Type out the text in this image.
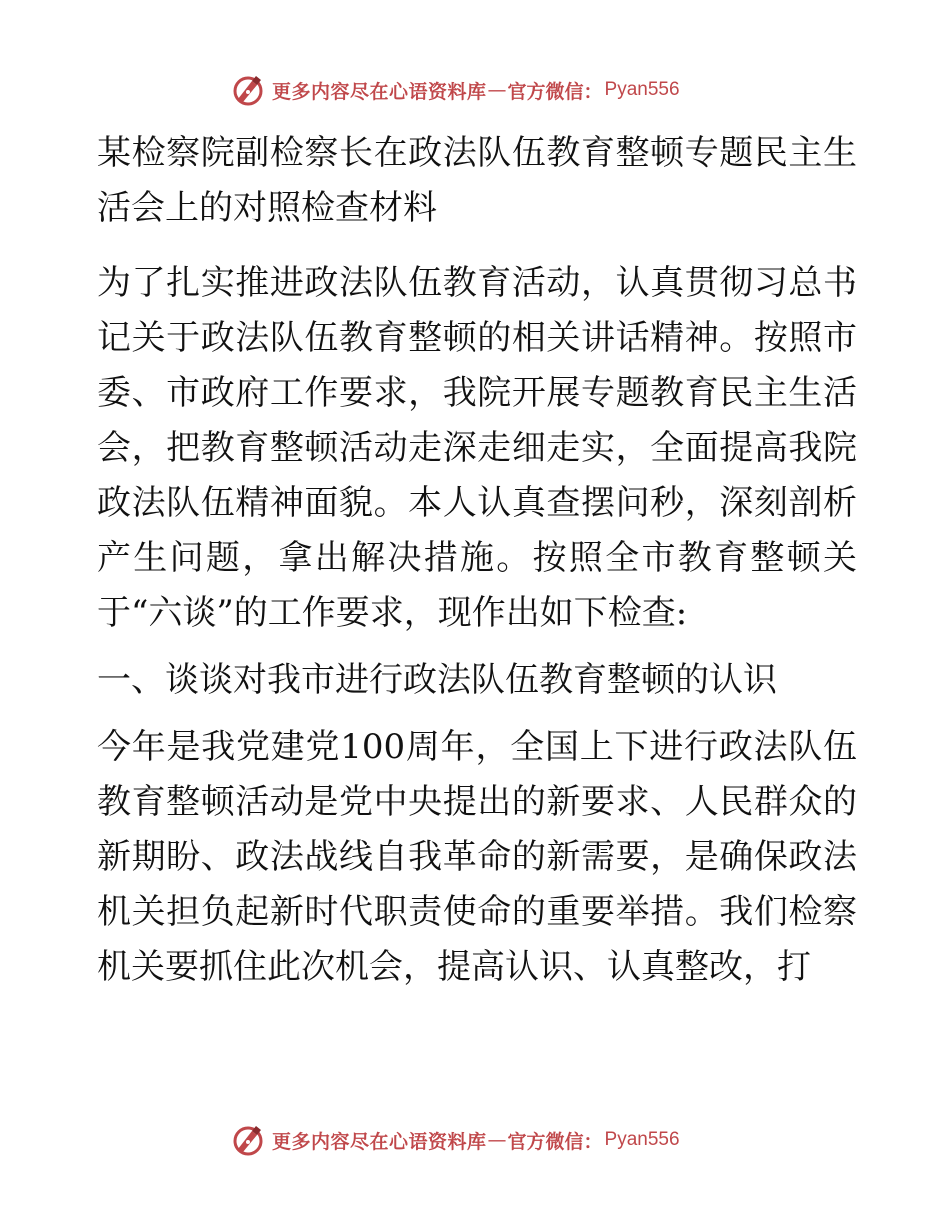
更多内容尽在心语资料库 — 官方微信： Pyan556

某检察院副检察长在政法队伍教育整顿专题民主生活会上的对照检查材料

为了扎实推进政法队伍教育活动，认真贯彻习总书记关于政法队伍教育整顿的相关讲话精神。按照市委、市政府工作要求，我院开展专题教育民主生活会，把教育整顿活动走深走细走实，全面提高我院政法队伍精神面貌。本人认真查摆问秒，深刻剖析产生问题，拿出解决措施。按照全市教育整顿关于“六谈”的工作要求，现作出如下检查:

一、谈谈对我市进行政法队伍教育整顿的认识

今年是我党建党100周年，全国上下进行政法队伍教育整顿活动是党中央提出的新要求、人民群众的新期盼、政法战线自我革命的新需要，是确保政法机关担负起新时代职责使命的重要举措。我们检察机关要抓住此次机会，提高认识、认真整改，打

更多内容尽在心语资料库 — 官方微信： Pyan556
